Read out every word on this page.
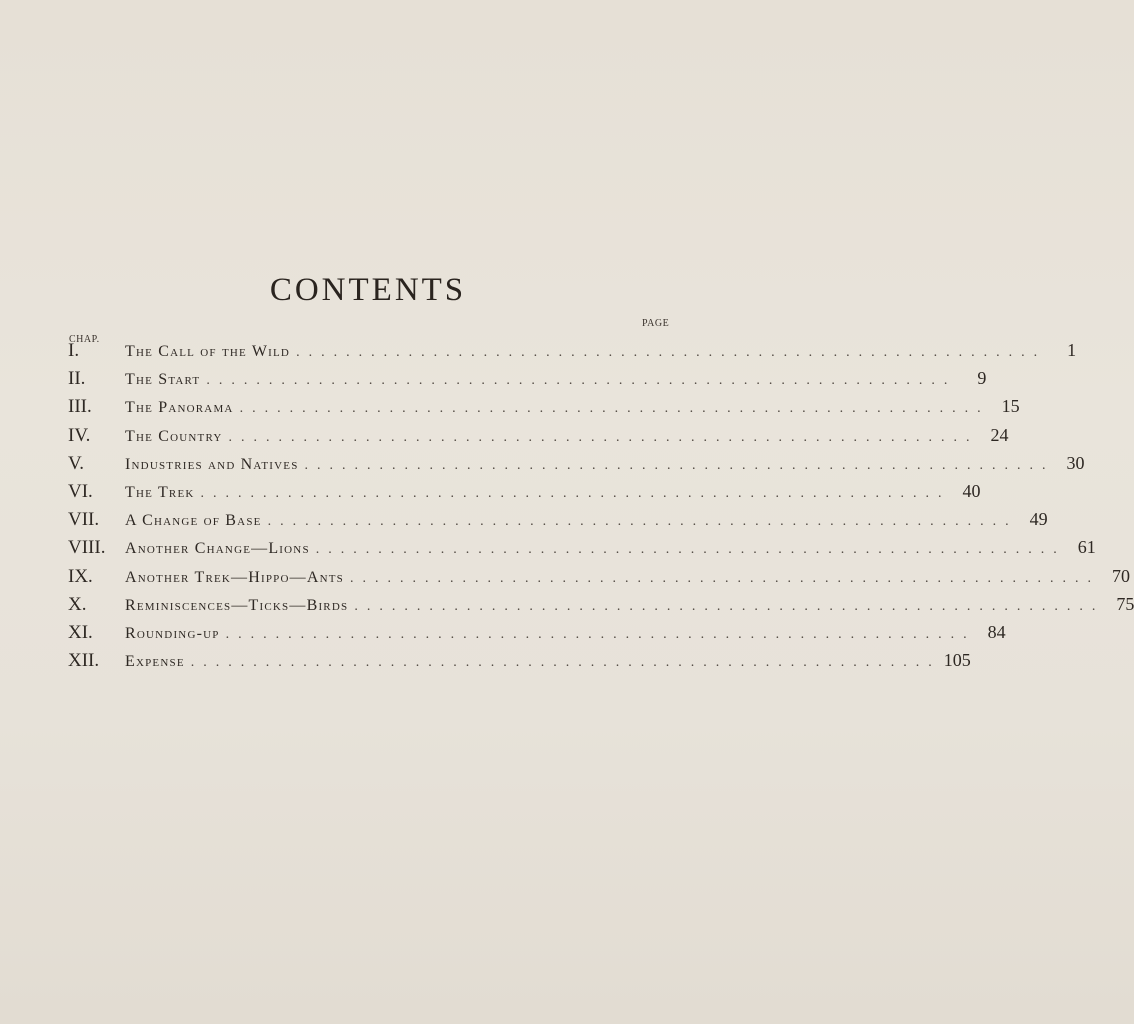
CONTENTS
PAGE
CHAP.
I.	The Call of the Wild ............................................................	1
II.	The Start ............................................................	9
III.	The Panorama ............................................................ 15
IV.	The Country ............................................................ 24
V.	Industries and Natives ............................................................ 30
VI.	The Trek ............................................................ 40
VII.	A Change of Base ............................................................ 49
VIII.	Another Change—Lions ............................................................ 61
IX.	Another Trek—Hippo—Ants ............................................................ 70
X.	Reminiscences—Ticks—Birds ............................................................ 75
XI.	Rounding-up ............................................................ 84
XII.	Expense ............................................................ 105
